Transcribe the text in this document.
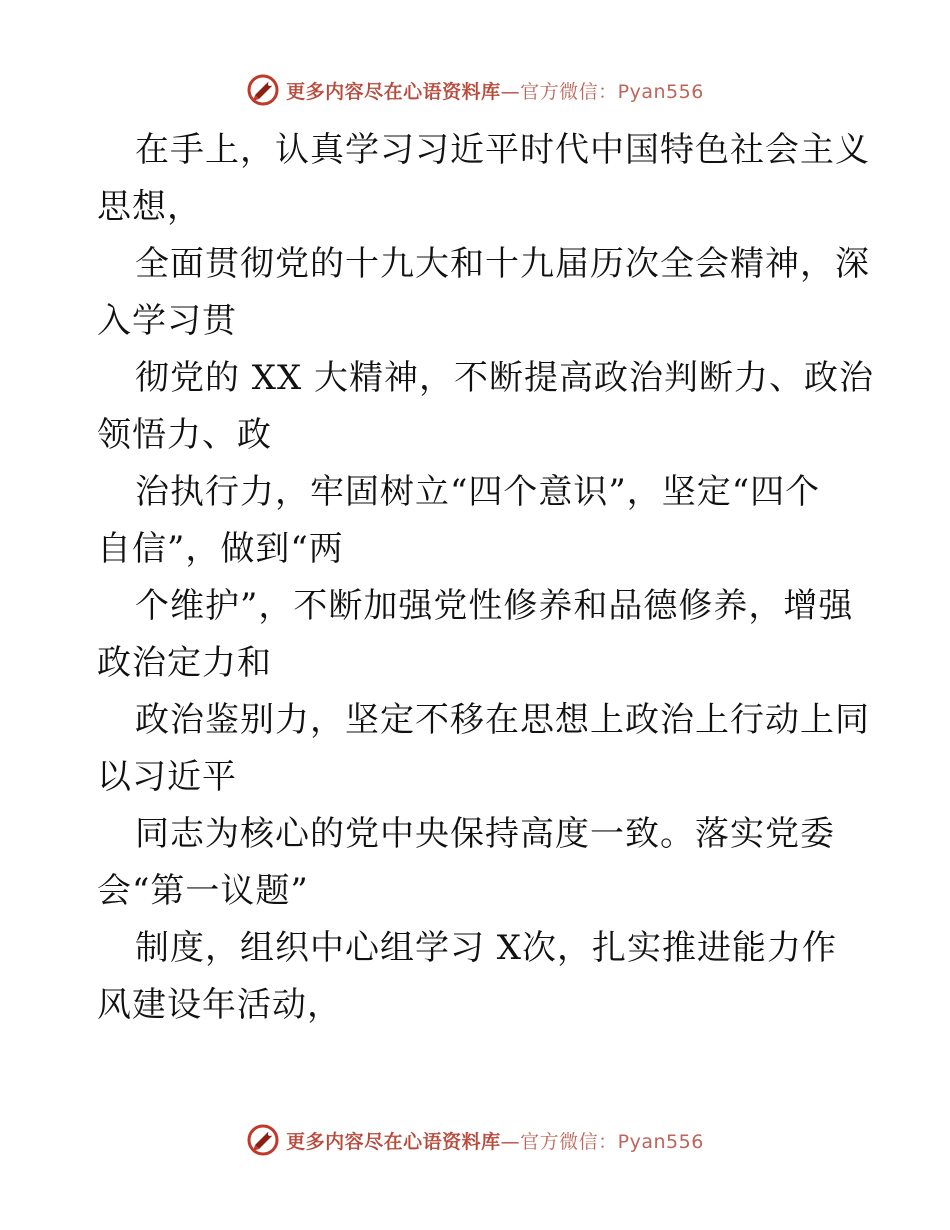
更多内容尽在心语资料库—官方微信：Pyan556

在手上，认真学习习近平时代中国特色社会主义

思想，

全面贯彻党的十九大和十九届历次全会精神，深

入学习贯

彻党的 XX 大精神，不断提高政治判断力、政治

领悟力、政

治执行力，牢固树立“四个意识”，坚定“四个

自信”，做到“两

个维护”，不断加强党性修养和品德修养，增强

政治定力和

政治鉴别力，坚定不移在思想上政治上行动上同

以习近平

同志为核心的党中央保持高度一致。落实党委

会“第一议题”

制度，组织中心组学习 X次，扎实推进能力作

风建设年活动，

更多内容尽在心语资料库—官方微信：Pyan556
